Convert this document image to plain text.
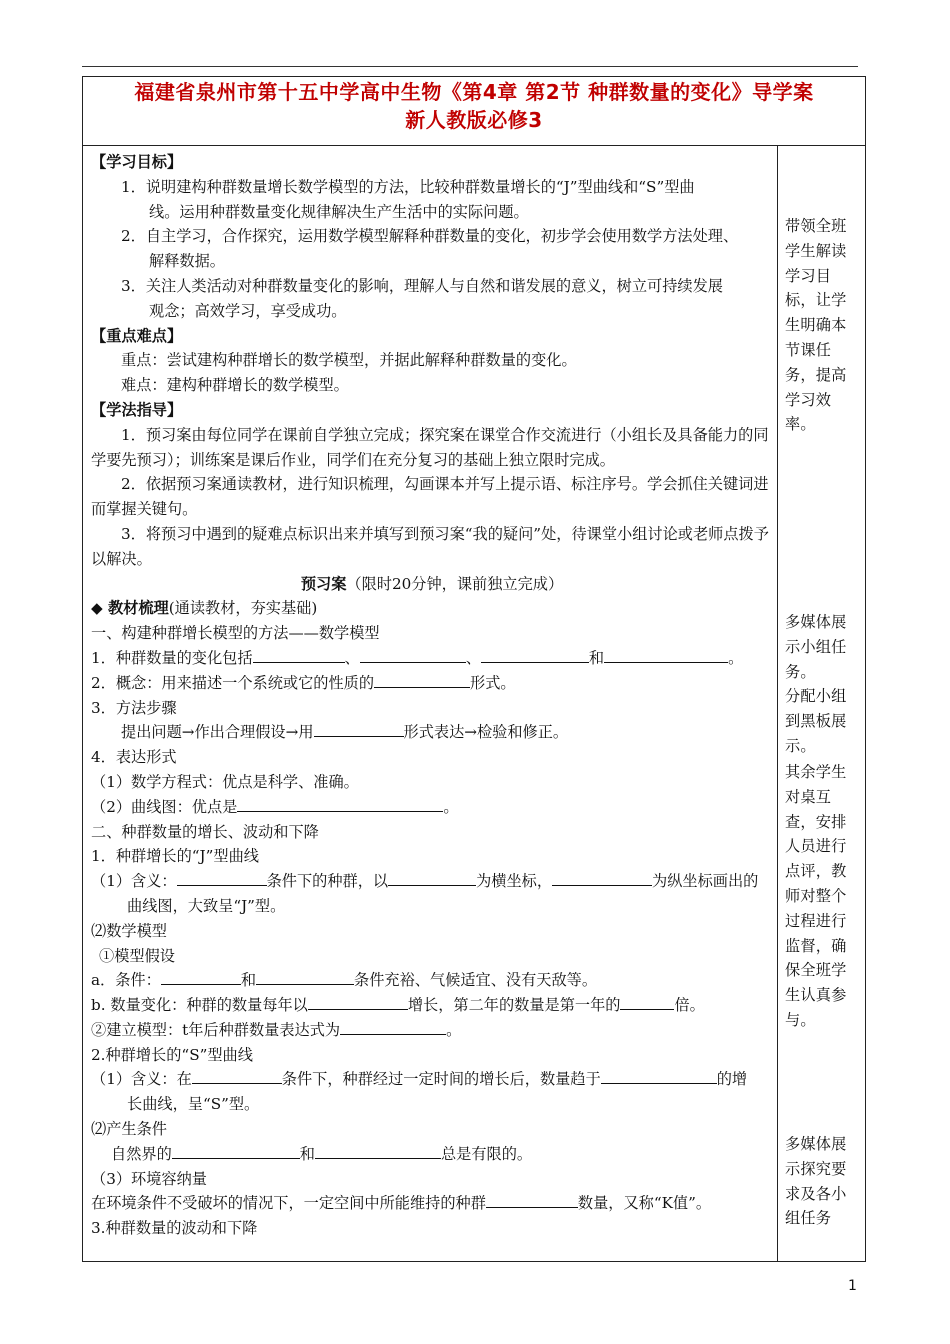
福建省泉州市第十五中学高中生物《第4章 第2节 种群数量的变化》导学案
新人教版必修3

【学习目标】

1．说明建构种群数量增长数学模型的方法，比较种群数量增长的“J”型曲线和“S”型曲

线。运用种群数量变化规律解决生产生活中的实际问题。

2．自主学习，合作探究，运用数学模型解释种群数量的变化，初步学会使用数学方法处理、

解释数据。

3．关注人类活动对种群数量变化的影响，理解人与自然和谐发展的意义，树立可持续发展

观念；高效学习，享受成功。

【重点难点】

重点：尝试建构种群增长的数学模型，并据此解释种群数量的变化。

难点：建构种群增长的数学模型。

【学法指导】

1．预习案由每位同学在课前自学独立完成；探究案在课堂合作交流进行（小组长及具备能力的同学要先预习）；训练案是课后作业，同学们在充分复习的基础上独立限时完成。

2．依据预习案通读教材，进行知识梳理，勾画课本并写上提示语、标注序号。学会抓住关键词进而掌握关键句。

3．将预习中遇到的疑难点标识出来并填写到预习案“我的疑问”处，待课堂小组讨论或老师点拨予以解决。

预习案（限时20分钟，课前独立完成）

◆ 教材梳理(通读教材，夯实基础)

一、构建种群增长模型的方法——数学模型

1．种群数量的变化包括	、	、	和	。

2．概念：用来描述一个系统或它的性质的	形式。

3．方法步骤

提出问题→作出合理假设→用	形式表达→检验和修正。

4．表达形式

（1）数学方程式：优点是科学、准确。

（2）曲线图：优点是	。

二、种群数量的增长、波动和下降

1．种群增长的“J”型曲线

（1）含义：	条件下的种群，以	为横坐标，	为纵坐标画出的

曲线图，大致呈“J”型。

⑵数学模型

①模型假设

a．条件：	和	条件充裕、气候适宜、没有天敌等。

b. 数量变化：种群的数量每年以	增长，第二年的数量是第一年的	倍。

②建立模型：t年后种群数量表达式为	。

2.种群增长的“S”型曲线

（1）含义：在	条件下，种群经过一定时间的增长后，数量趋于	的增

长曲线，呈“S”型。

⑵产生条件

自然界的	和	总是有限的。

（3）环境容纳量

在环境条件不受破坏的情况下，一定空间中所能维持的种群	数量，又称“K值”。

3.种群数量的波动和下降

带领全班学生解读学习目标，让学生明确本节课任务，提高学习效率。
多媒体展示小组任务。
分配小组到黑板展示。
其余学生对桌互查，安排人员进行点评，教师对整个过程进行监督，确保全班学生认真参与。
多媒体展示探究要求及各小组任务
1
